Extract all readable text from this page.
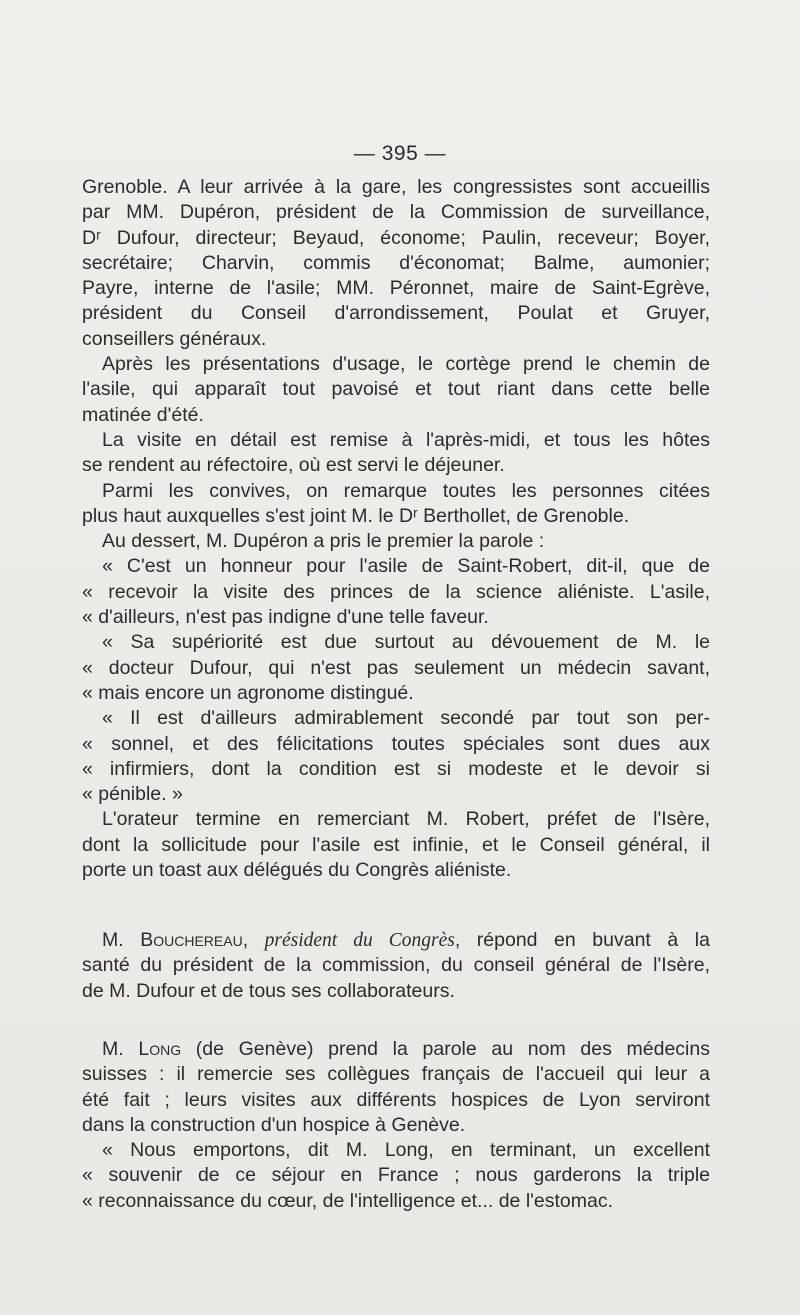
— 395 —
Grenoble. A leur arrivée à la gare, les congressistes sont accueillis
par MM. Dupéron, président de la Commission de surveillance,
Dʳ Dufour, directeur; Beyaud, économe; Paulin, receveur; Boyer,
secrétaire; Charvin, commis d'économat; Balme, aumonier;
Payre, interne de l'asile; MM. Péronnet, maire de Saint-Egrève,
président du Conseil d'arrondissement, Poulat et Gruyer,
conseillers généraux.
Après les présentations d'usage, le cortège prend le chemin de
l'asile, qui apparaît tout pavoisé et tout riant dans cette belle
matinée d'été.
La visite en détail est remise à l'après-midi, et tous les hôtes
se rendent au réfectoire, où est servi le déjeuner.
Parmi les convives, on remarque toutes les personnes citées
plus haut auxquelles s'est joint M. le Dʳ Berthollet, de Grenoble.
Au dessert, M. Dupéron a pris le premier la parole :
« C'est un honneur pour l'asile de Saint-Robert, dit-il, que de
« recevoir la visite des princes de la science aliéniste. L'asile,
« d'ailleurs, n'est pas indigne d'une telle faveur.
« Sa supériorité est due surtout au dévouement de M. le
« docteur Dufour, qui n'est pas seulement un médecin savant,
« mais encore un agronome distingué.
« Il est d'ailleurs admirablement secondé par tout son per-
« sonnel, et des félicitations toutes spéciales sont dues aux
« infirmiers, dont la condition est si modeste et le devoir si
« pénible. »
L'orateur termine en remerciant M. Robert, préfet de l'Isère,
dont la sollicitude pour l'asile est infinie, et le Conseil général, il
porte un toast aux délégués du Congrès aliéniste.
M. Bouchereau, président du Congrès, répond en buvant à la
santé du président de la commission, du conseil général de l'Isère,
de M. Dufour et de tous ses collaborateurs.
M. Long (de Genève) prend la parole au nom des médecins
suisses : il remercie ses collègues français de l'accueil qui leur a
été fait ; leurs visites aux différents hospices de Lyon serviront
dans la construction d'un hospice à Genève.
« Nous emportons, dit M. Long, en terminant, un excellent
« souvenir de ce séjour en France ; nous garderons la triple
« reconnaissance du cœur, de l'intelligence et... de l'estomac.
